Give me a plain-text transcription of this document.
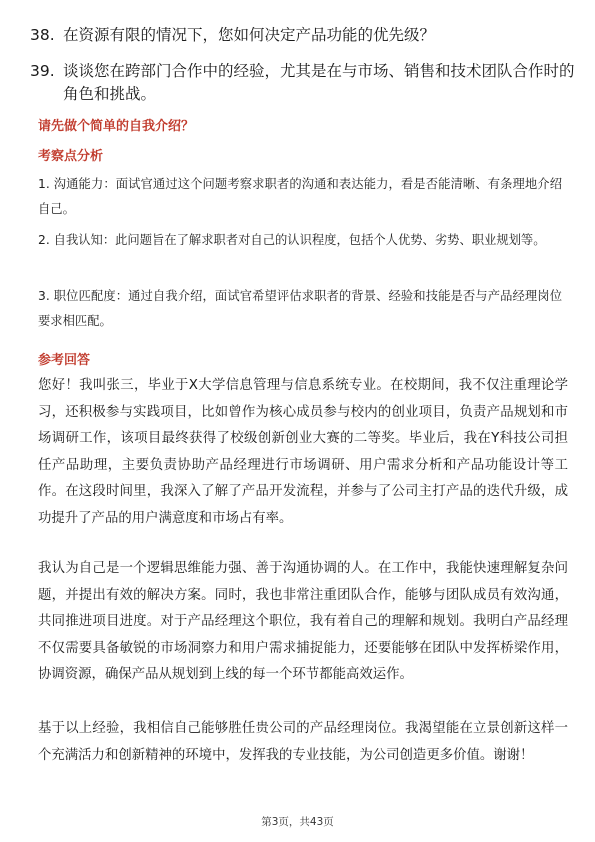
38. 在资源有限的情况下，您如何决定产品功能的优先级？
39. 谈谈您在跨部门合作中的经验，尤其是在与市场、销售和技术团队合作时的角色和挑战。
请先做个简单的自我介绍？
考察点分析
1. 沟通能力：面试官通过这个问题考察求职者的沟通和表达能力，看是否能清晰、有条理地介绍自己。
2. 自我认知：此问题旨在了解求职者对自己的认识程度，包括个人优势、劣势、职业规划等。
3. 职位匹配度：通过自我介绍，面试官希望评估求职者的背景、经验和技能是否与产品经理岗位要求相匹配。
参考回答
您好！我叫张三，毕业于X大学信息管理与信息系统专业。在校期间，我不仅注重理论学习，还积极参与实践项目，比如曾作为核心成员参与校内的创业项目，负责产品规划和市场调研工作，该项目最终获得了校级创新创业大赛的二等奖。毕业后，我在Y科技公司担任产品助理，主要负责协助产品经理进行市场调研、用户需求分析和产品功能设计等工作。在这段时间里，我深入了解了产品开发流程，并参与了公司主打产品的迭代升级，成功提升了产品的用户满意度和市场占有率。
我认为自己是一个逻辑思维能力强、善于沟通协调的人。在工作中，我能快速理解复杂问题，并提出有效的解决方案。同时，我也非常注重团队合作，能够与团队成员有效沟通，共同推进项目进度。对于产品经理这个职位，我有着自己的理解和规划。我明白产品经理不仅需要具备敏锐的市场洞察力和用户需求捕捉能力，还要能够在团队中发挥桥梁作用，协调资源，确保产品从规划到上线的每一个环节都能高效运作。
基于以上经验，我相信自己能够胜任贵公司的产品经理岗位。我渴望能在立景创新这样一个充满活力和创新精神的环境中，发挥我的专业技能，为公司创造更多价值。谢谢！
第3页，共43页
